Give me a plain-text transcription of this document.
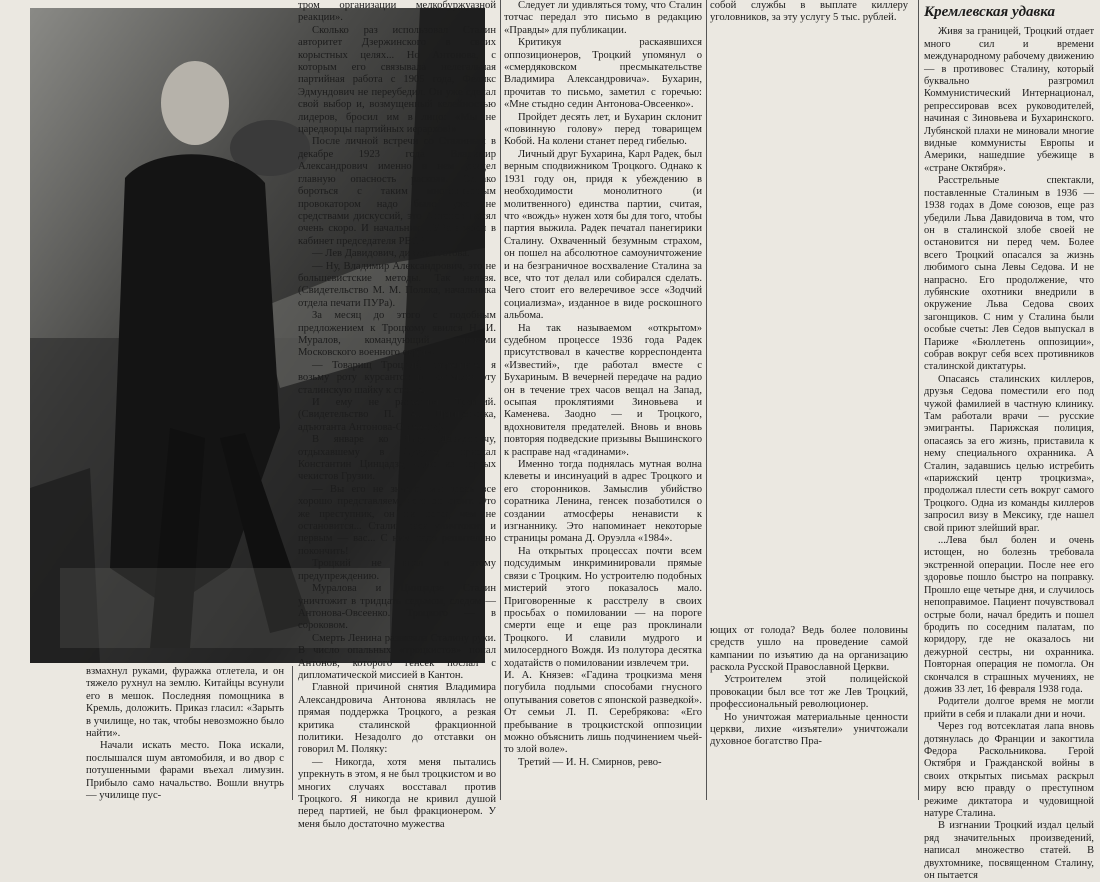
взмахнул руками, фуражка отлетела, и он тяжело рухнул на землю. Китайцы всунули его в мешок. Последняя помощника в Кремль, доложить. Приказ гласил: «Зарыть в училище, но так, чтобы невозможно было найти».

Начали искать место. Пока искали, послышался шум автомобиля, и во двор с потушенными фарами въехал лимузин. Прибыло само начальство. Вошли внутрь — училище пус-

тром организации мелкобуржуазной реакции».

Сколько раз использовал Сталин авторитет Дзержинского в своих корыстных целях... Но Антонова, с которым его связывала нелегальная партийная работа с 1905 года, Феликс Эдмундович не переубедил. Он уже сделал свой выбор и, возмущенный келейностью лидеров, бросил им в лицо: «Мы не царедворцы партийных иерархов!»

После личной встречи со Сталиным в декабре 1923 года Владимир Александрович именно в нем увидел главную опасность раскола. Однако бороться с таким многоопытным провокатором надо было уже не средствами дискуссий, это Антонов понял очень скоро. И начальник ПУРа явился в кабинет председателя РВСР:

— Лев Давидович, дивизия готова.

— Ну, Владимир Александрович, это не большевистские методы. Так нельзя. (Свидетельство М. М. Поляка, начальника отдела печати ПУРа).

За месяц до этого с подобным предложением к Троцкому явился Н. И. Муралов, командующий войсками Московского военного округа:

— Товарищ Троцкий, разрешите, я возьму роту курсантов и поставлю эту сталинскую шайку к стенке.

И ему не разрешил Троцкий. (Свидетельство П. А. Прищепчика, адъютанта Антонова-Овсеенко).

В январе ко Льву Давидовичу, отдыхавшему в Сухуме, приехал Константин Цинцадзе, один из первых чекистов Грузии.

— Вы его не знаете, мы здесь все хорошо представляем, чего он стоит. Это же преступник, он ни перед чем не остановится... Сталин всех уничтожит и первым — вас... С ним надо решительно покончить!

Троцкий не внял и этому предупреждению.

Муралова и Цинцадзе Сталин уничтожит в тридцать седьмом, следом — Антонова-Овсеенко. Троцкого — в сороковом.

Смерть Ленина развязала Сталину руки. В число опальных «троцкистов» попал Антонов, которого генсек послал с дипломатической миссией в Кантон.

Главной причиной снятия Владимира Александровича Антонова являлась не прямая поддержка Троцкого, а резкая критика сталинской фракционной политики. Незадолго до отставки он говорил М. Поляку:

— Никогда, хотя меня пытались упрекнуть в этом, я не был троцкистом и во многих случаях восставал против Троцкого. Я никогда не кривил душой перед партией, не был фракционером. У меня было достаточно мужества

Следует ли удивляться тому, что Сталин тотчас передал это письмо в редакцию «Правды» для публикации.

Критикуя раскаявшихся оппозиционеров, Троцкий упомянул о «смердяковском пресмыкательстве Владимира Александровича». Бухарин, прочитав то письмо, заметил с горечью: «Мне стыдно седин Антонова-Овсеенко».

Пройдет десять лет, и Бухарин склонит «повинную голову» перед товарищем Кобой. На колени станет перед гибелью.

Личный друг Бухарина, Карл Радек, был верным сподвижником Троцкого. Однако к 1931 году он, придя к убеждению в необходимости монолитного (и молитвенного) единства партии, считая, что «вождь» нужен хотя бы для того, чтобы партия выжила. Радек печатал панегирики Сталину. Охваченный безумным страхом, он пошел на абсолютное самоуничтожение и на безграничное восхваление Сталина за все, что тот делал или собирался сделать. Чего стоит его велеречивое эссе «Зодчий социализма», изданное в виде роскошного альбома.

На так называемом «открытом» судебном процессе 1936 года Радек присутствовал в качестве корреспондента «Известий», где работал вместе с Бухариным. В вечерней передаче на радио он в течение трех часов вещал на Запад, осыпая проклятиями Зиновьева и Каменева. Заодно — и Троцкого, вдохновителя предателей. Вновь и вновь повторяя подведские призывы Вышинского к расправе над «гадинами».

Именно тогда поднялась мутная волна клеветы и инсинуаций в адрес Троцкого и его сторонников. Замыслив убийство соратника Ленина, генсек позаботился о создании атмосферы ненависти к изгнаннику. Это напоминает некоторые страницы романа Д. Оруэлла «1984».

На открытых процессах почти всем подсудимым инкриминировали прямые связи с Троцким. Но устроителю подобных мистерий этого показалось мало. Приговоренные к расстрелу в своих просьбах о помиловании — на пороге смерти еще и еще раз проклинали Троцкого. И славили мудрого и милосердного Вождя. Из полутора десятка ходатайств о помиловании извлечем три.

И. А. Князев: «Гадина троцкизма меня погубила подлыми способами гнусного опутывания советов с японской разведкой».

От семьи Л. П. Серебрякова: «Его пребывание в троцкистской оппозиции можно объяснить лишь подчинением чьей-то злой воле».

Третий — И. Н. Смирнов, рево-

собой службы в выплате киллеру уголовников, за эту услугу 5 тыс. рублей.

ющих от голода? Ведь более половины средств ушло на проведение самой кампании по изъятию да на организацию раскола Русской Православной Церкви.

Устроителем этой полицейской провокации был все тот же Лев Троцкий, профессиональный революционер.

Но уничтожая материальные ценности церкви, лихие «изъятели» уничтожали духовное богатство Пра-

Кремлевская удавка

Живя за границей, Троцкий отдает много сил и времени международному рабочему движению — в противовес Сталину, который буквально разгромил Коммунистический Интернационал, репрессировав всех руководителей, начиная с Зиновьева и Бухаринского. Лубянской плахи не миновали многие видные коммунисты Европы и Америки, нашедшие убежище в «стране Октября».

Расстрельные спектакли, поставленные Сталиным в 1936 — 1938 годах в Доме союзов, еще раз убедили Льва Давидовича в том, что он в сталинской злобе своей не остановится ни перед чем. Более всего Троцкий опасался за жизнь любимого сына Левы Седова. И не напрасно. Его продолжение, что лубянские охотники внедрили в окружение Льва Седова своих загонщиков. С ним у Сталина были особые счеты: Лев Седов выпускал в Париже «Бюллетень оппозиции», собрав вокруг себя всех противников сталинской диктатуры.

Опасаясь сталинских киллеров, друзья Седова поместили его под чужой фамилией в частную клинику. Там работали врачи — русские эмигранты. Парижская полиция, опасаясь за его жизнь, приставила к нему специального охранника. А Сталин, задавшись целью истребить «парижский центр троцкизма», продолжал плести сеть вокруг самого Троцкого. Одна из команды киллеров запросил визу в Мексику, где нашел свой приют злейший враг.

...Лева был болен и очень истощен, но болезнь требовала экстренной операции. После нее его здоровье пошло быстро на поправку. Прошло еще четыре дня, и случилось непоправимое. Пациент почувствовал острые боли, начал бредить и пошел бродить по соседним палатам, по коридору, где не оказалось ни дежурной сестры, ни охранника. Повторная операция не помогла. Он скончался в страшных мучениях, не дожив 33 лет, 16 февраля 1938 года.

Родители долгое время не могли прийти в себя и плакали дни и ночи.

Через год вотсеклатая лапа вновь дотянулась до Франции и закогтила Федора Раскольникова. Герой Октября и Гражданской войны в своих открытых письмах раскрыл миру всю правду о преступном режиме диктатора и чудовищной натуре Сталина.

В изгнании Троцкий издал целый ряд значительных произведений, написал множество статей. В двухтомнике, посвященном Сталину, он пытается
